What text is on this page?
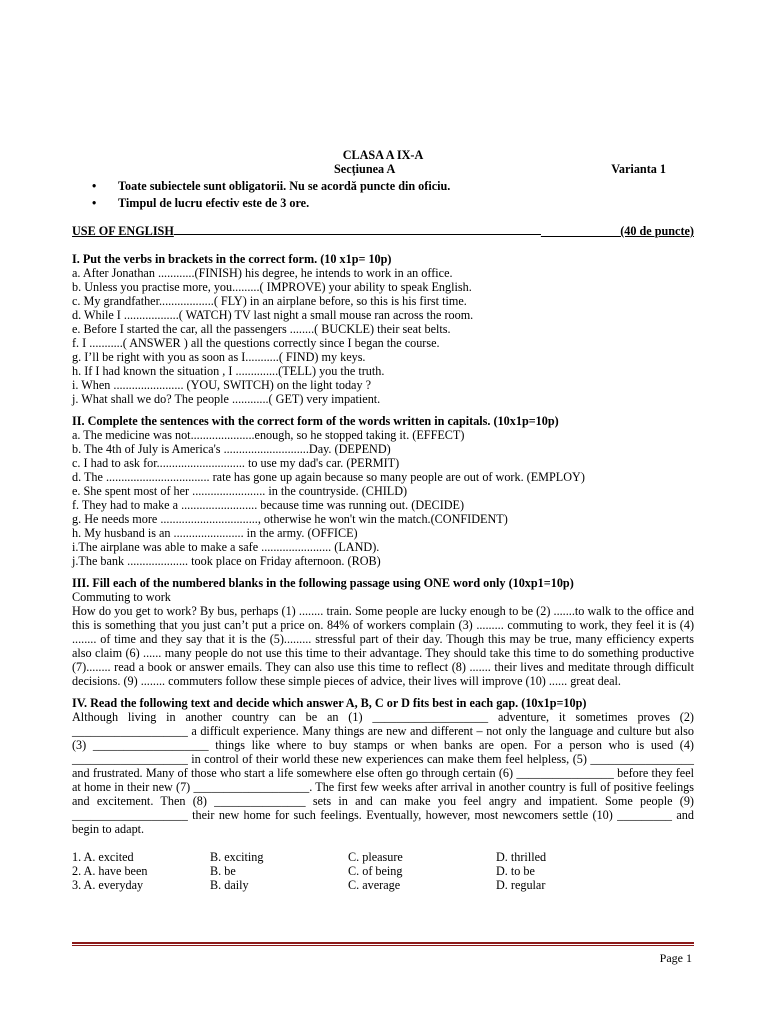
CLASA A IX-A
Secțiunea A	Varianta 1
• Toate subiectele sunt obligatorii. Nu se acordă puncte din oficiu.
• Timpul de lucru efectiv este de 3 ore.
USE OF ENGLISH	_____________(40 de puncte)
I. Put the verbs in brackets in the correct form. (10 x1p= 10p)
a. After Jonathan ............(FINISH) his degree, he intends to work in an office.
b. Unless you practise more, you.........( IMPROVE) your ability to speak English.
c. My grandfather..................( FLY) in an airplane before, so this is his first time.
d. While I ..................( WATCH) TV last night a small mouse ran across the room.
e. Before I started the car, all the passengers ........( BUCKLE) their seat belts.
f. I ...........( ANSWER ) all the questions correctly since I began the course.
g. I’ll be right with you as soon as I...........( FIND) my keys.
h. If I had known the situation , I ..............(TELL) you the truth.
i. When ....................... (YOU, SWITCH) on the light today ?
j. What shall we do? The people ............( GET) very impatient.
II. Complete the sentences with the correct form of the words written in capitals. (10x1p=10p)
a. The medicine was not.....................enough, so he stopped taking it. (EFFECT)
b. The 4th of July is America's ............................Day. (DEPEND)
c. I had to ask for............................. to use my dad's car. (PERMIT)
d. The .................................. rate has gone up again because so many people are out of work. (EMPLOY)
e. She spent most of her ........................ in the countryside. (CHILD)
f. They had to make a ......................... because time was running out. (DECIDE)
g. He needs more ................................, otherwise he won't win the match.(CONFIDENT)
h. My husband is an ....................... in the army. (OFFICE)
i.The airplane was able to make a safe ....................... (LAND).
j.The bank .................... took place on Friday afternoon. (ROB)
III. Fill each of the numbered blanks in the following passage using ONE word only (10xp1=10p)
Commuting to work
How do you get to work? By bus, perhaps (1) ........ train. Some people are lucky enough to be (2) .......to walk to the office and this is something that you just can’t put a price on. 84% of workers complain (3) ......... commuting to work, they feel it is (4) ........ of time and they say that it is the (5)......... stressful part of their day. Though this may be true, many efficiency experts also claim (6) ...... many people do not use this time to their advantage. They should take this time to do something productive (7)........ read a book or answer emails. They can also use this time to reflect (8) ....... their lives and meditate through difficult decisions. (9) ........ commuters follow these simple pieces of advice, their lives will improve (10) ...... great deal.
IV. Read the following text and decide which answer A, B, C or D fits best in each gap. (10x1p=10p)
Although living in another country can be an (1) ___________________ adventure, it sometimes proves (2) ___________________ a difficult experience. Many things are new and different – not only the language and culture but also (3) ___________________ things like where to buy stamps or when banks are open. For a person who is used (4) ___________________ in control of their world these new experiences can make them feel helpless, (5) _________________ and frustrated. Many of those who start a life somewhere else often go through certain (6) ________________ before they feel at home in their new (7) ___________________. The first few weeks after arrival in another country is full of positive feelings and excitement. Then (8) _______________ sets in and can make you feel angry and impatient. Some people (9) ___________________ their new home for such feelings. Eventually, however, most newcomers settle (10) _________ and begin to adapt.
1. A. excited	B. exciting	C. pleasure	D. thrilled
2. A. have been	B. be	C. of being	D. to be
3. A. everyday	B. daily	C. average	D. regular
Page 1
